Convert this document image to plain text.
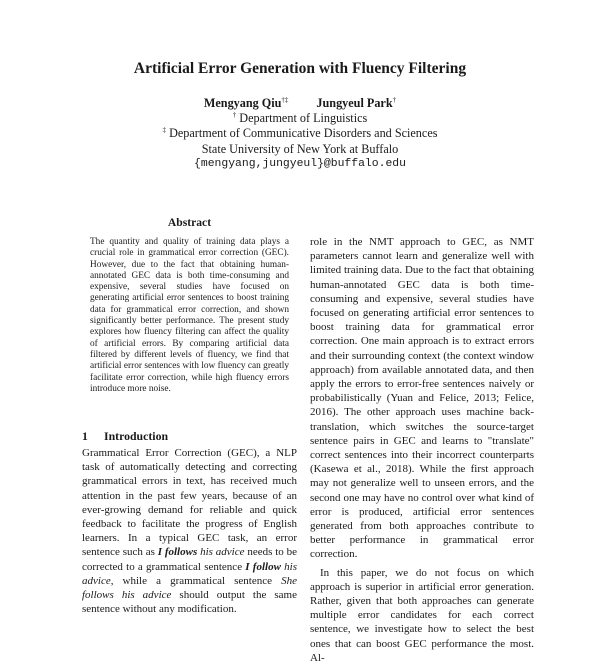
Artificial Error Generation with Fluency Filtering
Mengyang Qiu†‡ Jungyeul Park†
† Department of Linguistics
‡ Department of Communicative Disorders and Sciences
State University of New York at Buffalo
{mengyang,jungyeul}@buffalo.edu
Abstract
The quantity and quality of training data plays a crucial role in grammatical error correction (GEC). However, due to the fact that obtaining human-annotated GEC data is both time-consuming and expensive, several studies have focused on generating artificial error sentences to boost training data for grammatical error correction, and shown significantly better performance. The present study explores how fluency filtering can affect the quality of artificial errors. By comparing artificial data filtered by different levels of fluency, we find that artificial error sentences with low fluency can greatly facilitate error correction, while high fluency errors introduce more noise.
1 Introduction
Grammatical Error Correction (GEC), a NLP task of automatically detecting and correcting grammatical errors in text, has received much attention in the past few years, because of an ever-growing demand for reliable and quick feedback to facilitate the progress of English learners. In a typical GEC task, an error sentence such as I follows his advice needs to be corrected to a grammatical sentence I follow his advice, while a grammatical sentence She follows his advice should output the same sentence without any modification.

role in the NMT approach to GEC, as NMT parameters cannot learn and generalize well with limited training data. Due to the fact that obtaining human-annotated GEC data is both time-consuming and expensive, several studies have focused on generating artificial error sentences to boost training data for grammatical error correction. One main approach is to extract errors and their surrounding context (the context window approach) from available annotated data, and then apply the errors to error-free sentences naively or probabilistically (Yuan and Felice, 2013; Felice, 2016). The other approach uses machine back-translation, which switches the source-target sentence pairs in GEC and learns to "translate" correct sentences into their incorrect counterparts (Kasewa et al., 2018). While the first approach may not generalize well to unseen errors, and the second one may have no control over what kind of error is produced, artificial error sentences generated from both approaches contribute to better performance in grammatical error correction.

In this paper, we do not focus on which approach is superior in artificial error generation. Rather, given that both approaches can generate multiple error candidates for each correct sentence, we investigate how to select the best ones that can boost GEC performance the most. Al-
